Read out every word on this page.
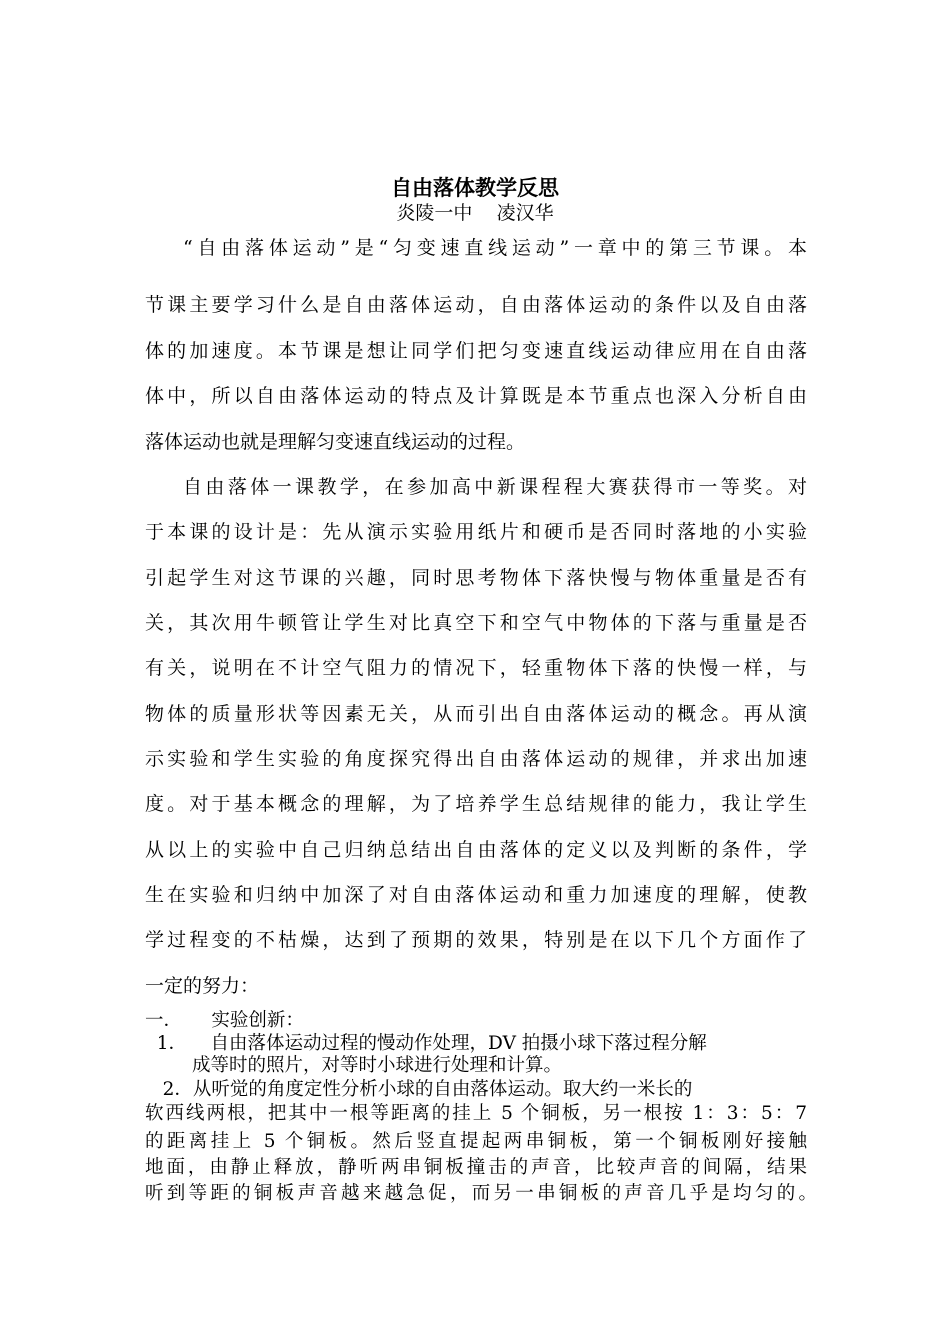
自由落体教学反思
炎陵一中    凌汉华
“自由落体运动”是“匀变速直线运动”一章中的第三节课。本
节课主要学习什么是自由落体运动，自由落体运动的条件以及自由落
体的加速度。本节课是想让同学们把匀变速直线运动律应用在自由落
体中，所以自由落体运动的特点及计算既是本节重点也深入分析自由
落体运动也就是理解匀变速直线运动的过程。
自由落体一课教学，在参加高中新课程程大赛获得市一等奖。对
于本课的设计是：先从演示实验用纸片和硬币是否同时落地的小实验
引起学生对这节课的兴趣，同时思考物体下落快慢与物体重量是否有
关，其次用牛顿管让学生对比真空下和空气中物体的下落与重量是否
有关，说明在不计空气阻力的情况下，轻重物体下落的快慢一样，与
物体的质量形状等因素无关，从而引出自由落体运动的概念。再从演
示实验和学生实验的角度探究得出自由落体运动的规律，并求出加速
度。对于基本概念的理解，为了培养学生总结规律的能力，我让学生
从以上的实验中自己归纳总结出自由落体的定义以及判断的条件，学
生在实验和归纳中加深了对自由落体运动和重力加速度的理解，使教
学过程变的不枯燥，达到了预期的效果，特别是在以下几个方面作了
一定的努力：
一．     实验创新：
1．    自由落体运动过程的慢动作处理，DV 拍摄小球下落过程分解
成等时的照片，对等时小球进行处理和计算。
2．从听觉的角度定性分析小球的自由落体运动。取大约一米长的
软西线两根，把其中一根等距离的挂上 5 个铜板，另一根按 1：3：5：7
的距离挂上 5 个铜板。然后竖直提起两串铜板，第一个铜板刚好接触
地面，由静止释放，静听两串铜板撞击的声音，比较声音的间隔，结果
听到等距的铜板声音越来越急促，而另一串铜板的声音几乎是均匀的。
